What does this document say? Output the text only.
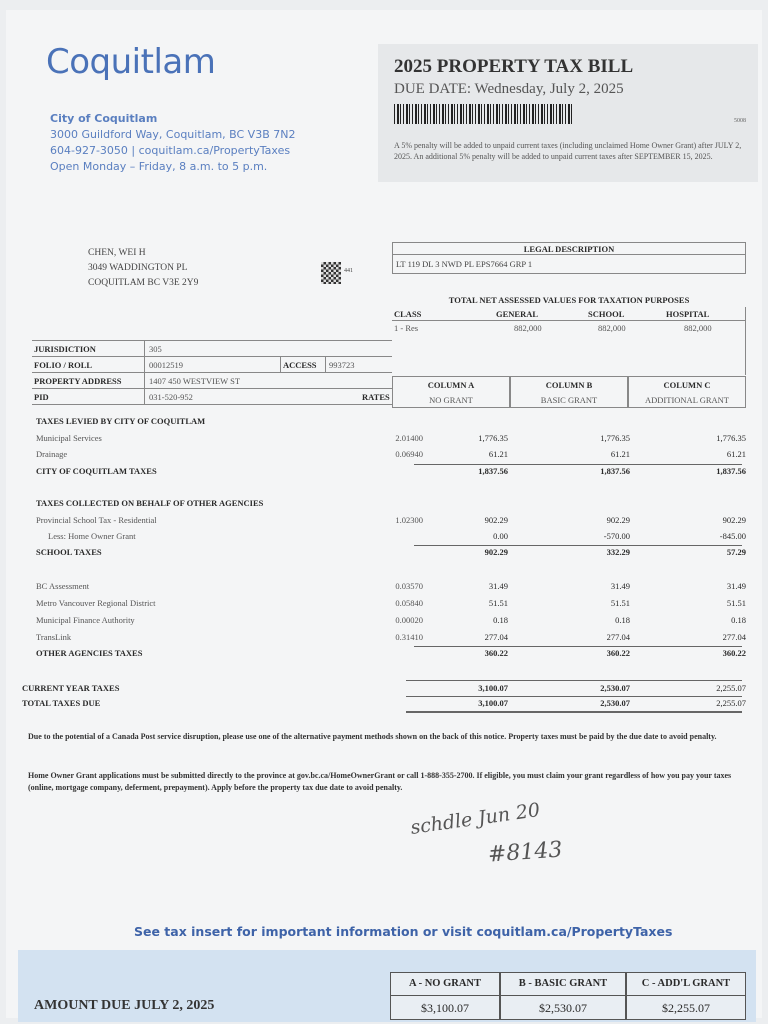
Coquitlam
City of Coquitlam
3000 Guildford Way, Coquitlam, BC V3B 7N2
604-927-3050 | coquitlam.ca/PropertyTaxes
Open Monday – Friday, 8 a.m. to 5 p.m.
2025 PROPERTY TAX BILL
DUE DATE: Wednesday, July 2, 2025
5008
A 5% penalty will be added to unpaid current taxes (including unclaimed Home Owner Grant) after JULY 2, 2025. An additional 5% penalty will be added to unpaid current taxes after SEPTEMBER 15, 2025.
CHEN, WEI H
3049 WADDINGTON PL
COQUITLAM BC V3E 2Y9
441
LEGAL DESCRIPTION
LT 119 DL 3 NWD PL EPS7664 GRP 1
TOTAL NET ASSESSED VALUES FOR TAXATION PURPOSES
CLASS	GENERAL	SCHOOL	HOSPITAL
1 - Res	882,000	882,000	882,000
JURISDICTION	305
FOLIO / ROLL	00012519	ACCESS	993723
PROPERTY ADDRESS	1407 450 WESTVIEW ST
PID	031-520-952	RATES
COLUMN A
NO GRANT
COLUMN B
BASIC GRANT
COLUMN C
ADDITIONAL GRANT
TAXES LEVIED BY CITY OF COQUITLAM
Municipal Services	2.01400	1,776.35	1,776.35	1,776.35
Drainage	0.06940	61.21	61.21	61.21
CITY OF COQUITLAM TAXES	1,837.56	1,837.56	1,837.56
TAXES COLLECTED ON BEHALF OF OTHER AGENCIES
Provincial School Tax - Residential	1.02300	902.29	902.29	902.29
Less: Home Owner Grant	0.00	-570.00	-845.00
SCHOOL TAXES	902.29	332.29	57.29
BC Assessment	0.03570	31.49	31.49	31.49
Metro Vancouver Regional District	0.05840	51.51	51.51	51.51
Municipal Finance Authority	0.00020	0.18	0.18	0.18
TransLink	0.31410	277.04	277.04	277.04
OTHER AGENCIES TAXES	360.22	360.22	360.22
CURRENT YEAR TAXES	3,100.07	2,530.07	2,255.07
TOTAL TAXES DUE	3,100.07	2,530.07	2,255.07
Due to the potential of a Canada Post service disruption, please use one of the alternative payment methods shown on the back of this notice. Property taxes must be paid by the due date to avoid penalty.
Home Owner Grant applications must be submitted directly to the province at gov.bc.ca/HomeOwnerGrant or call 1-888-355-2700. If eligible, you must claim your grant regardless of how you pay your taxes (online, mortgage company, deferment, prepayment). Apply before the property tax due date to avoid penalty.
schdle Jun 20
#8143
See tax insert for important information or visit coquitlam.ca/PropertyTaxes
AMOUNT DUE JULY 2, 2025
A - NO GRANT
$3,100.07
B - BASIC GRANT
$2,530.07
C - ADD'L GRANT
$2,255.07
